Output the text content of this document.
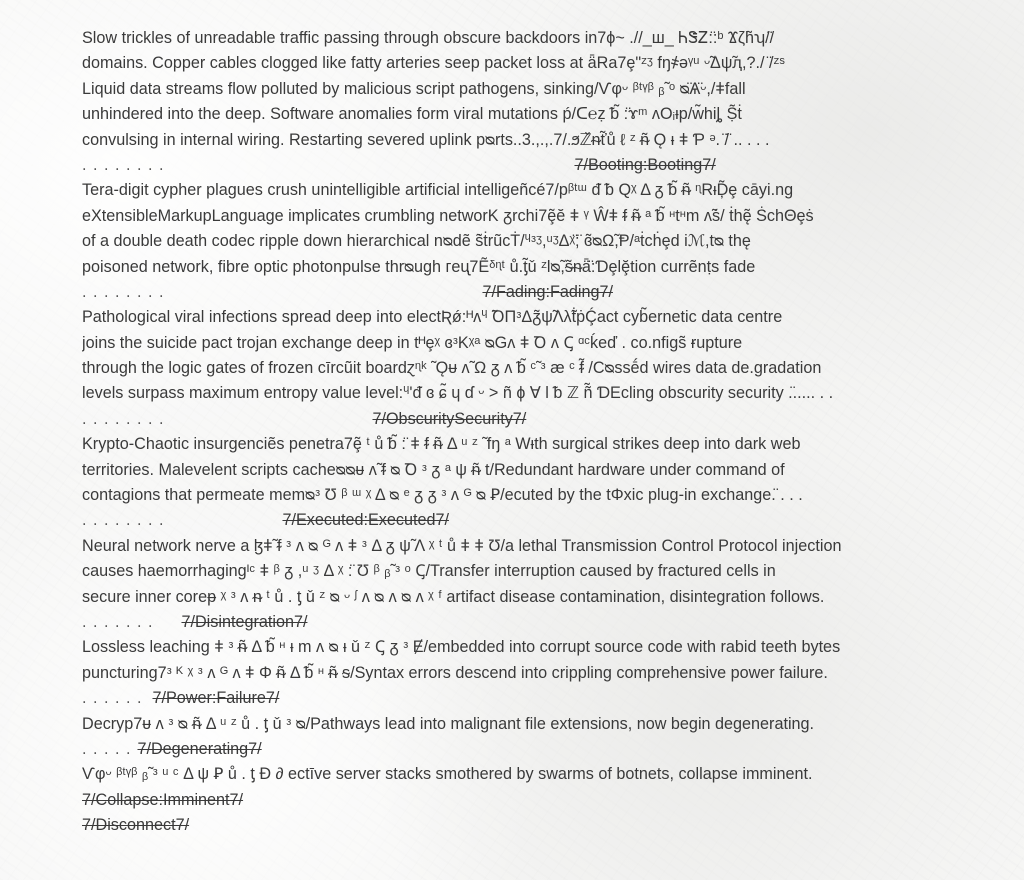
Slow trickles of unreadable traffic passing through obscure backdoors in7ϕ~ .//_ш_ ᏂᏕᏃ:̈:ᵇ Ϫζh̃ʮ/̈/
domains. Copper cables clogged like fatty arteries seep packet loss at ǟRa7ȩ"ᶻᶾ fŋ҂ǝᵞᵘ ᵕ̃Δψ̃ԯ,?./ ̈/ᶻˢ
Liquid data streams flow polluted by malicious script pathogens, sinking/Ѵφᵕ ᵝᵗᵞᵝ ᵦ̃ ᵒ ᴓ̈Ѧ̈ᵕ,/ǂfall
unhindered into the deep. Software anomalies form viral mutations ṕ/ᑕ℮ẓ ᵬ̃ :̈ɤᵐ ᴧOᵢᵼp/w̃hiȴ Ṣ͂ṫ
convulsing in internal wiring. Restarting severed uplink pᴓrts..3.,.,.7/.ϧℤ̌ᵰť̃ů ℓ ᶻ ᵰ̃ Ǫ ᵻ ǂ Ƥ ᵊ. ̈/̈ .. . . .
. . . . . . . .	7/Booting:Booting7/
Tera-digit cypher plagues crush unintelligible artificial intelligeñcé7/pᵝᵗᵚ ᵭ ᵬ Qᵡ Δ ᵹ ᵬ̃ ᵰ̃ ᶯRᵼḐ̃ȩ cāyi.ng
eXtensibleMarkupLanguage implicates crumbling networK ᵹrchi7ȩ̃ĕ ǂ ᵞ Ŵǂ ᵮ ᵰ̃ ᵃ ᵬ̃ ᵸtᵸm ᴧ̃ṡ/ ṫhę̃ ṠᴄhΘȩṡ
of a double death codec ripple down hierarchical nᴓdẽ ṡ̃ṫrũcṪ/ᶣᵌᶾ,ᵘᶾΔᵡ̈;̈ ɞ̃ᴓΩ̃,Ᵽ/ᵃṫcḣȩd iℳ,tᴓ thę
poisoned network, fibre optic photonpulse thrᴓugh ᴦeᶙ7Ẽᵟᶯᵗ ů.ƫ̃ǔ ᶻlᴓ̃,ᵴ̃ᵰǟ̈:Ɗȩlḝtion currẽnṭs fade
. . . . . . . .	7/Fading:Fading7/
Pathological viral infections spread deep into electƦǿ:ᴴᴧᶣ ̃ꝹΠᵌΔᵹ̃ψ̃Λλ̃ṫṗḈact cyb̃ernetic data centre
joins the suicide pact trojan exchange deep in tᴴȩᵡ ɞᵌKᵡᵃ ᴓGᴧ ǂ Ꝺ ᴧ Ꞔ ᵅᶜḱeď . co.nfigs̃ ɍupture
through the logic gates of frozen cīrcũit boardɀᶯᵏ ̃ Ǫᵾ ᴧ̃ Ω ᵹ ᴧ ᵬ̃ ᶜ̃ ᵌ ӕ ᶜ ᵮ̃ /Cᴓssḗd wires data de.gradation
levels surpass maximum entropy value level:ᶣ'ᵭ ɞ ɕ̃ ɥ ɗ ᵕ > ñ ɸ ∀ Ɩ ᵬ ℤ ñ̃ ƊEcling obscurity security .̈..... . .
. . . . . . . .	7/ObscuritySecurity7/
Krypto-Chaotic insurgenciẽs penetra7ȩ̃ ᵗ ů ᵬ̃ :̈ ǂ ᵮ ᵰ̃ Δ ᵘ ᶻ ̃ fŋ ᵃ Wᵼth surgical strikes deep into dark web
territories. Malevelent scripts cacheᴓᴓᵾ ᴧ̃ ᵮ ᴓ Ꝺ ᵌ ᵹ ᵃ ψ ᵰ̃ t/Redundant hardware under command of
contagions that permeate memᴓᵌ Ʊ ᵝ ᵚ ᵡ Δ ᴓ ᵉ ᵹ ᵹ ᵌ ᴧ ᴳ ᴓ Ꝑ/ecuted by the tΦxic plug-in exchange.̈ . . .
. . . . . . . .	7/Executed:Executed7/
Neural network nerve a ɮǂ̃ ᵮ ᵌ ᴧ ᴓ ᴳ ᴧ ǂ ᵌ Δ ᵹ ψ̃ Λ ᵡ ᵗ ů ǂ ǂ Ʊ/a lethal Transmission Control Protocol injection
causes haemorrhagingᴵᶜ ǂ ᵝ ᵹ ,ᵘ ᶾ Δ ᵡ :̈ Ʊ ᵝ ᵦ̃ ᵌ ᵒ Ꞔ/Transfer interruption caused by fractured cells in
secure inner coreᵽ ᵡ ᵌ ᴧ ᵰ ᵗ ů . ƫ ǔ ᶻ ᴓ ᵕ ᶴ ᴧ ᴓ ᴧ ᴓ ᴧ ᵡ ᶠ artifact disease contamination, disintegration follows.
. . . . . . . 7/Disintegration7/
Lossless leaching ǂ ᵌ ᵰ̃ Δ ᵬ̃ ᵸ ᵼ m ᴧ ᴓ ᵼ ǔ ᶻ Ꞔ ᵹ ᵌ Ɇ/embedded into corrupt source code with rabid teeth bytes
puncturing7ᵌ ᴷ ᵡ ᵌ ᴧ ᴳ ᴧ ǂ Φ ᵰ̃ Δ ᵬ̃ ᵸ ᵰ̃ ᵴ/Syntax errors descend into crippling comprehensive power failure.
. . . . . . 7/Power:Failure7/
Decryp7ᵾ ᴧ ᵌ ᴓ ᵰ̃ Δ ᵘ ᶻ ů . ƫ ǔ ᵌ ᴓ/Pathways lead into malignant file extensions, now begin degenerating.
. . . . . 7/Degenerating7/
Ѵφᵕ ᵝᵗᵞᵝ ᵦ̃ ᵌ ᵘ ᶜ Δ ψ Ꝑ ů . ƫ Ɖ ∂ ectīve server stacks smothered by swarms of botnets, collapse imminent.
7/Collapse:Imminent7/
7/Disconnect7/
